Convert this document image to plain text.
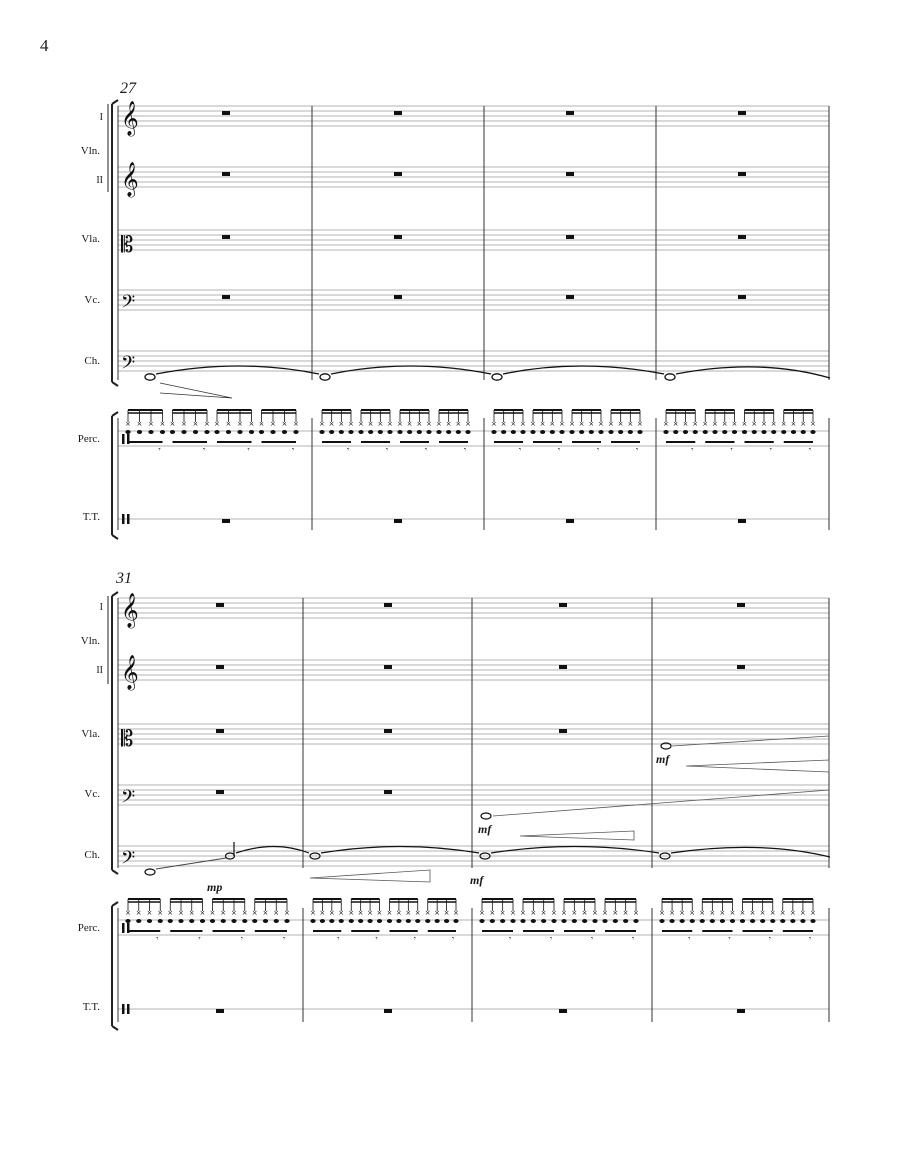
4
27
I
Vln.
II
Vla.
Vc.
Ch.
Perc.
T.T.
𝄞
𝄞
𝄡
𝄢
𝄢
× × × ×
𝄾
× × × ×
𝄾
× × × ×
𝄾
× × × ×
𝄾
× × × ×
𝄾
× × × ×
𝄾
× × × ×
𝄾
× × × ×
𝄾
× × × ×
𝄾
× × × ×
𝄾
× × × ×
𝄾
× × × ×
𝄾
× × × ×
𝄾
× × × ×
𝄾
× × × ×
𝄾
× × × ×
𝄾
31
I
Vln.
II
Vla.
Vc.
Ch.
Perc.
T.T.
mp	mf
mf
mf
𝄞
𝄞
𝄡
𝄢
𝄢
× × × ×
𝄾
× × × ×
𝄾
× × × ×
𝄾
× × × ×
𝄾
× × × ×
𝄾
× × × ×
𝄾
× × × ×
𝄾
× × × ×
𝄾
× × × ×
𝄾
× × × ×
𝄾
× × × ×
𝄾
× × × ×
𝄾
× × × ×
𝄾
× × × ×
𝄾
× × × ×
𝄾
× × × ×
𝄾
